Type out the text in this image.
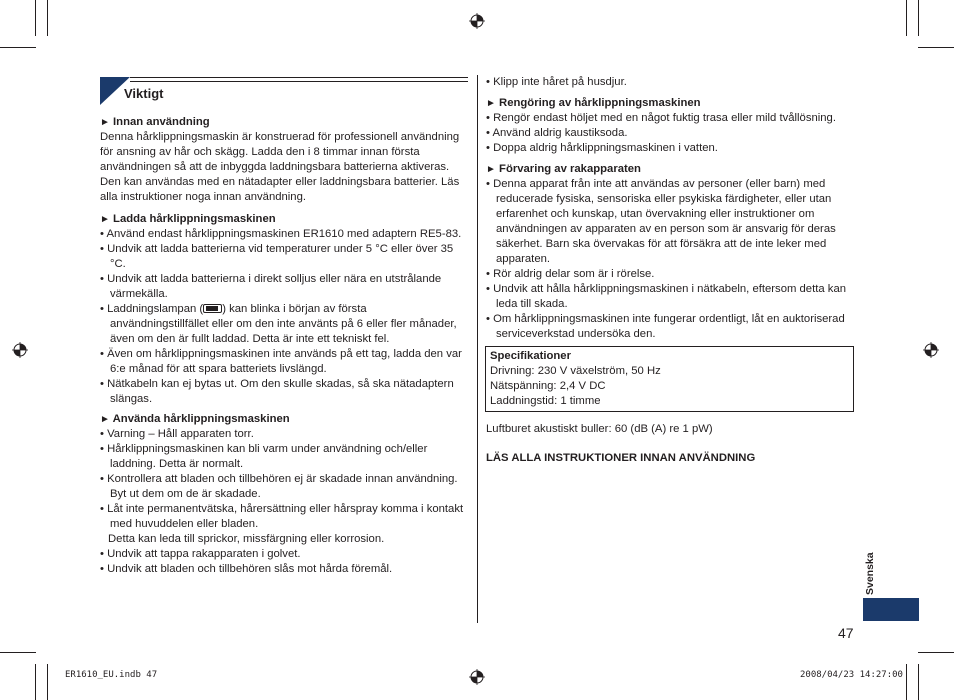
Viktigt
► Innan användning

Denna hårklippningsmaskin är konstruerad för professionell användning för ansning av hår och skägg. Ladda den i 8 timmar innan första användningen så att de inbyggda laddningsbara batterierna aktiveras. Den kan användas med en nätadapter eller laddningsbara batterier. Läs alla instruktioner noga innan användning.

► Ladda hårklippningsmaskinen

• Använd endast hårklippningsmaskinen ER1610 med adaptern RE5-83.

• Undvik att ladda batterierna vid temperaturer under 5 °C eller över 35 °C.

• Undvik att ladda batterierna i direkt solljus eller nära en utstrålande värmekälla.

• Laddningslampan ( ) kan blinka i början av första användningstillfället eller om den inte använts på 6 eller fler månader, även om den är fullt laddad. Detta är inte ett tekniskt fel.

• Även om hårklippningsmaskinen inte används på ett tag, ladda den var 6:e månad för att spara batteriets livslängd.

• Nätkabeln kan ej bytas ut. Om den skulle skadas, så ska nätadaptern slängas.

► Använda hårklippningsmaskinen

• Varning – Håll apparaten torr.

• Hårklippningsmaskinen kan bli varm under användning och/eller laddning. Detta är normalt.

• Kontrollera att bladen och tillbehören ej är skadade innan användning. Byt ut dem om de är skadade.

• Låt inte permanentvätska, hårersättning eller hårspray komma i kontakt med huvuddelen eller bladen.

Detta kan leda till sprickor, missfärgning eller korrosion.

• Undvik att tappa rakapparaten i golvet.

• Undvik att bladen och tillbehören slås mot hårda föremål.

• Klipp inte håret på husdjur.

► Rengöring av hårklippningsmaskinen

• Rengör endast höljet med en något fuktig trasa eller mild tvållösning.

• Använd aldrig kaustiksoda.

• Doppa aldrig hårklippningsmaskinen i vatten.

► Förvaring av rakapparaten

• Denna apparat från inte att användas av personer (eller barn) med reducerade fysiska, sensoriska eller psykiska färdigheter, eller utan erfarenhet och kunskap, utan övervakning eller instruktioner om användningen av apparaten av en person som är ansvarig för deras säkerhet. Barn ska övervakas för att försäkra att de inte leker med apparaten.

• Rör aldrig delar som är i rörelse.

• Undvik att hålla hårklippningsmaskinen i nätkabeln, eftersom detta kan leda till skada.

• Om hårklippningsmaskinen inte fungerar ordentligt, låt en auktoriserad serviceverkstad undersöka den.

Specifikationer
Drivning: 230 V växelström, 50 Hz
Nätspänning: 2,4 V DC
Laddningstid: 1 timme

Luftburet akustiskt buller: 60 (dB (A) re 1 pW)

LÄS ALLA INSTRUKTIONER INNAN ANVÄNDNING

Svenska
47
ER1610_EU.indb 47	2008/04/23 14:27:00
